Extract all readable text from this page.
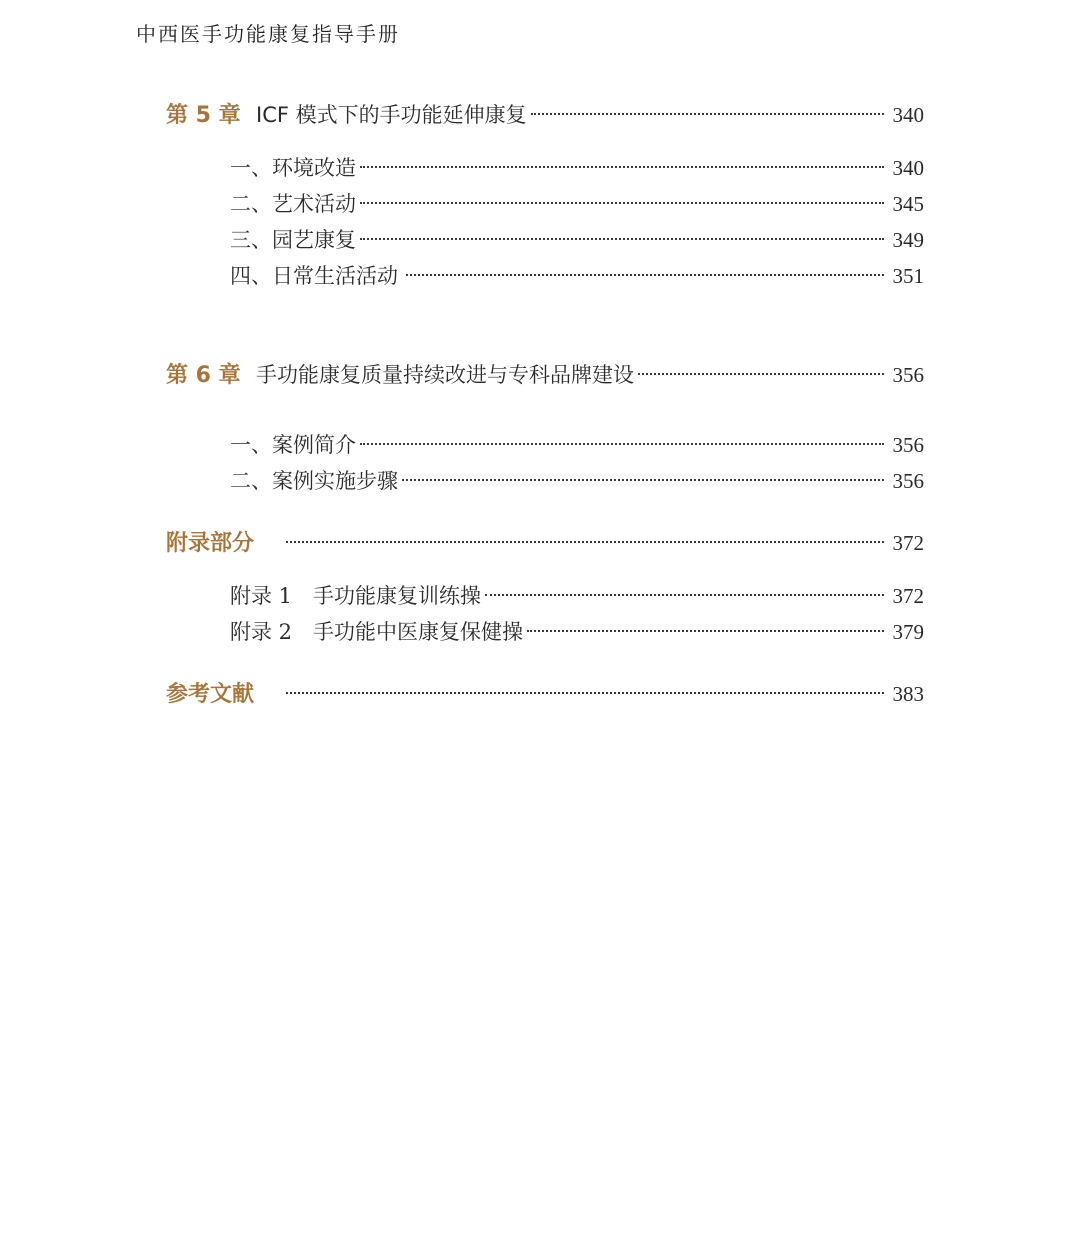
中西医手功能康复指导手册
第 5 章 ICF 模式下的手功能延伸康复	340
一、环境改造	340
二、艺术活动	345
三、园艺康复	349
四、日常生活活动	351
第 6 章 手功能康复质量持续改进与专科品牌建设	356
一、案例简介	356
二、案例实施步骤	356
附录部分	372
附录 1　手功能康复训练操	372
附录 2　手功能中医康复保健操	379
参考文献	383
